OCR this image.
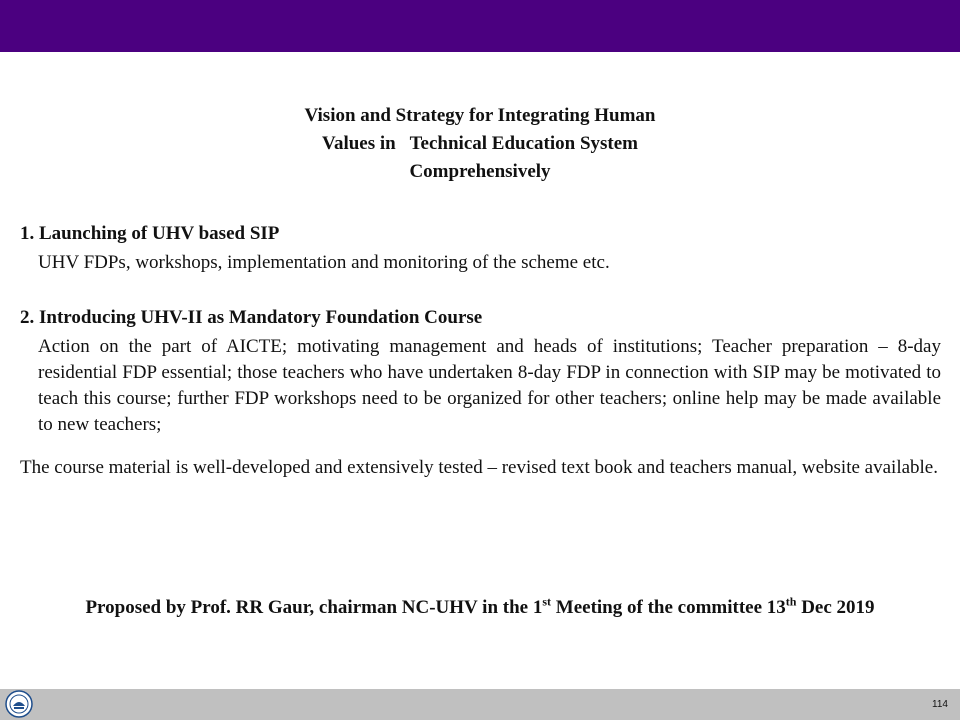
Vision and Strategy for Integrating Human
Values in   Technical Education System
Comprehensively
1. Launching of UHV based SIP
UHV FDPs, workshops, implementation and monitoring of the scheme etc.
2. Introducing UHV-II as Mandatory Foundation Course
Action on the part of AICTE; motivating management and heads of institutions; Teacher preparation – 8-day residential FDP essential; those teachers who have undertaken 8-day FDP in connection with SIP may be motivated to teach this course; further FDP workshops need to be organized for other teachers; online help may be made available to new teachers;
The course material is well-developed and extensively tested – revised text book and teachers manual, website available.
Proposed by Prof. RR Gaur, chairman NC-UHV in the 1st Meeting of the committee 13th Dec 2019
114
